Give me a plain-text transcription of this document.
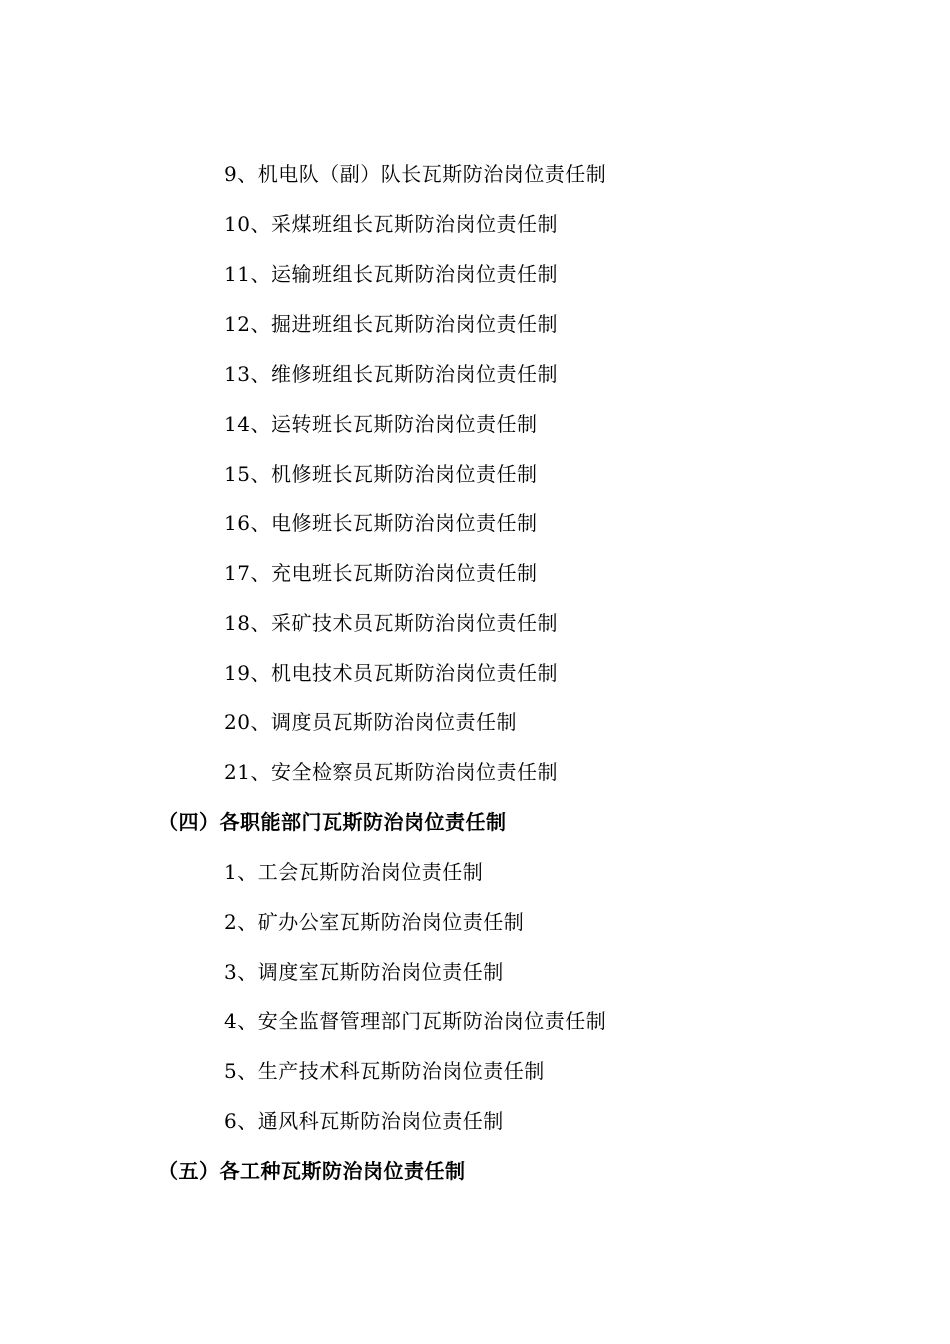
9、机电队（副）队长瓦斯防治岗位责任制
10、采煤班组长瓦斯防治岗位责任制
11、运输班组长瓦斯防治岗位责任制
12、掘进班组长瓦斯防治岗位责任制
13、维修班组长瓦斯防治岗位责任制
14、运转班长瓦斯防治岗位责任制
15、机修班长瓦斯防治岗位责任制
16、电修班长瓦斯防治岗位责任制
17、充电班长瓦斯防治岗位责任制
18、采矿技术员瓦斯防治岗位责任制
19、机电技术员瓦斯防治岗位责任制
20、调度员瓦斯防治岗位责任制
21、安全检察员瓦斯防治岗位责任制
（四）各职能部门瓦斯防治岗位责任制
1、工会瓦斯防治岗位责任制
2、矿办公室瓦斯防治岗位责任制
3、调度室瓦斯防治岗位责任制
4、安全监督管理部门瓦斯防治岗位责任制
5、生产技术科瓦斯防治岗位责任制
6、通风科瓦斯防治岗位责任制
（五）各工种瓦斯防治岗位责任制
